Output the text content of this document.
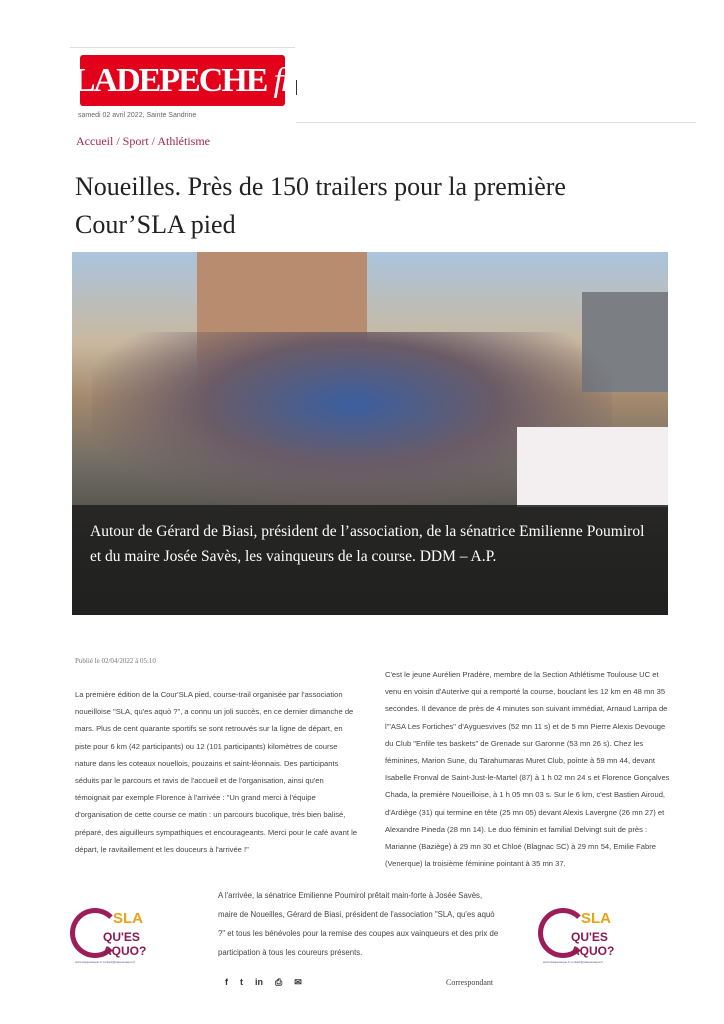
LADEPECHE fr
samedi 02 avril 2022, Sainte Sandrine
Accueil / Sport / Athlétisme
Noueilles. Près de 150 trailers pour la première Cour’SLA pied
Autour de Gérard de Biasi, président de l’association, de la sénatrice Emilienne Poumirol et du maire Josée Savès, les vainqueurs de la course. DDM – A.P.
Publié le 02/04/2022 à 05:10

La première édition de la Cour'SLA pied, course-trail organisée par l'association noueilloise "SLA, qu'es aquò ?", a connu un joli succès, en ce dernier dimanche de mars. Plus de cent quarante sportifs se sont retrouvés sur la ligne de départ, en piste pour 6 km (42 participants) ou 12 (101 participants) kilomètres de course nature dans les coteaux nouellois, pouzains et saint-léonnais. Des participants séduits par le parcours et ravis de l'accueil et de l'organisation, ainsi qu'en témoignait par exemple Florence à l'arrivée : "Un grand merci à l'équipe d'organisation de cette course ce matin : un parcours bucolique, très bien balisé, préparé, des aiguilleurs sympathiques et encourageants. Merci pour le café avant le départ, le ravitaillement et les douceurs à l'arrivée !"

C'est le jeune Aurélien Pradère, membre de la Section Athlétisme Toulouse UC et venu en voisin d'Auterive qui a remporté la course, bouclant les 12 km en 48 mn 35 secondes. Il devance de près de 4 minutes son suivant immédiat, Arnaud Larripa de l'"ASA Les Fortiches" d'Ayguesvives (52 mn 11 s) et de 5 mn Pierre Alexis Devouge du Club "Enfile tes baskets" de Grenade sur Garonne (53 mn 26 s). Chez les féminines, Marion Sune, du Tarahumaras Muret Club, pointe à 59 mn 44, devant Isabelle Fronval de Saint-Just-le-Martel (87) à 1 h 02 mn 24 s et Florence Gonçalves Chada, la première Noueilloise, à 1 h 05 mn 03 s. Sur le 6 km, c'est Bastien Airoud, d'Ardiège (31) qui termine en tête (25 mn 05) devant Alexis Lavergne (26 mn 27) et Alexandre Pineda (28 mn 14). Le duo féminin et familial Delvingt suit de près : Marianne (Baziège) à 29 mn 30 et Chloé (Blagnac SC) à 29 mn 54, Emilie Fabre (Venerque) la troisième féminine pointant à 35 mn 37.

A l'arrivée, la sénatrice Emilienne Poumirol prêtait main-forte à Josée Savès, maire de Noueilles, Gérard de Biasi, président de l'association "SLA, qu'es aquò ?" et tous les bénévoles pour la remise des coupes aux vainqueurs et des prix de participation à tous les coureurs présents.

SLA
QU'ES AQUO?
www.slaquesaquo.fr contact@slaquesaquo.fr
SLA
QU'ES AQUO?
www.slaquesaquo.fr contact@slaquesaquo.fr
f t in ⎙ ✉	Correspondant
